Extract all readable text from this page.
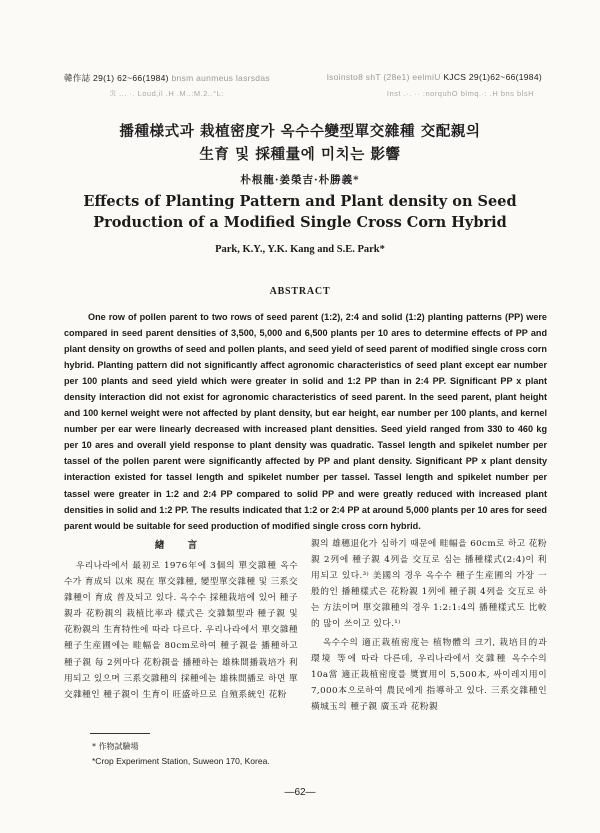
韓作誌 29(1) 62~66(1984) bnsm aunmeus lasrsdas	lsoinsto8 shT (28e1) eelmiU KJCS 29(1)62~66(1984)
ℛ ... ·. Loud,il .H .M..:M.2..°Ŀ:	Inst .·. ·· :norquhO blmq.·: .H bns blsH
播種様式과 栽植密度가 옥수수變型單交雜種 交配親의
生育 및 採種量에 미치는 影響
朴根龍·姜榮吉·朴勝義*
Effects of Planting Pattern and Plant density on Seed
Production of a Modified Single Cross Corn Hybrid
Park, K.Y., Y.K. Kang and S.E. Park*
ABSTRACT
One row of pollen parent to two rows of seed parent (1:2), 2:4 and solid (1:2) planting patterns (PP) were compared in seed parent densities of 3,500, 5,000 and 6,500 plants per 10 ares to determine effects of PP and plant density on growths of seed and pollen plants, and seed yield of seed parent of modified single cross corn hybrid. Planting pattern did not significantly affect agronomic characteristics of seed plant except ear number per 100 plants and seed yield which were greater in solid and 1:2 PP than in 2:4 PP. Significant PP x plant density interaction did not exist for agronomic characteristics of seed parent. In the seed parent, plant height and 100 kernel weight were not affected by plant density, but ear height, ear number per 100 plants, and kernel number per ear were linearly decreased with increased plant densities. Seed yield ranged from 330 to 460 kg per 10 ares and overall yield response to plant density was quadratic. Tassel length and spikelet number per tassel of the pollen parent were significantly affected by PP and plant density. Significant PP x plant density interaction existed for tassel length and spikelet number per tassel. Tassel length and spikelet number per tassel were greater in 1:2 and 2:4 PP compared to solid PP and were greatly reduced with increased plant densities in solid and 1:2 PP. The results indicated that 1:2 or 2:4 PP at around 5,000 plants per 10 ares for seed parent would be suitable for seed production of modified single cross corn hybrid.
緖 言

우리나라에서 最初로 1976年에 3個의 單交雜種 옥수수가 育成되 以來 現在 單交雜種, 變型單交雜種 및 三系交雜種이 育成 普及되고 있다. 옥수수 採種栽培에 있어 種子親과 花粉親의 栽植比率과 樣式은 交雜類型과 種子親 및 花粉親의 生育特性에 따라 다르다. 우리나라에서 單交雜種 種子生産圃에는 畦幅을 80cm로하여 種子親을 播種하고 種子親 每 2列마다 花粉親을 播種하는 雄株間播栽培가 利用되고 있으며 三系交雜種의 採種에는 雄株間播로 하면 單交雜種인 種子親이 生育이 旺盛하므로 自殖系統인 花粉

親의 雄穗退化가 심하기 때문에 畦幅을 60cm로 하고 花粉親 2列에 種子親 4列을 交互로 심는 播種樣式(2:4)이 利用되고 있다.³⁾ 美國의 경우 옥수수 種子生産圃의 가장 一般的인 播種樣式은 花粉親 1列에 種子親 4列을 交互로 하는 方法이며 單交雜種의 경우 1:2:1:4의 播種樣式도 比較的 많이 쓰이고 있다.¹⁾

옥수수의 適正栽植密度는 植物體의 크기, 栽培目的과 環境 等에 따라 다른데, 우리나라에서 交雜種 옥수수의 10a當 適正栽植密度를 奬實用이 5,500本, 싸이레지用이 7,000本으로하여 農民에게 指導하고 있다. 三系交雜種인 橫城玉의 種子親 廣玉과 花粉親

* 作物試驗場
*Crop Experiment Station, Suweon 170, Korea.
—62—
